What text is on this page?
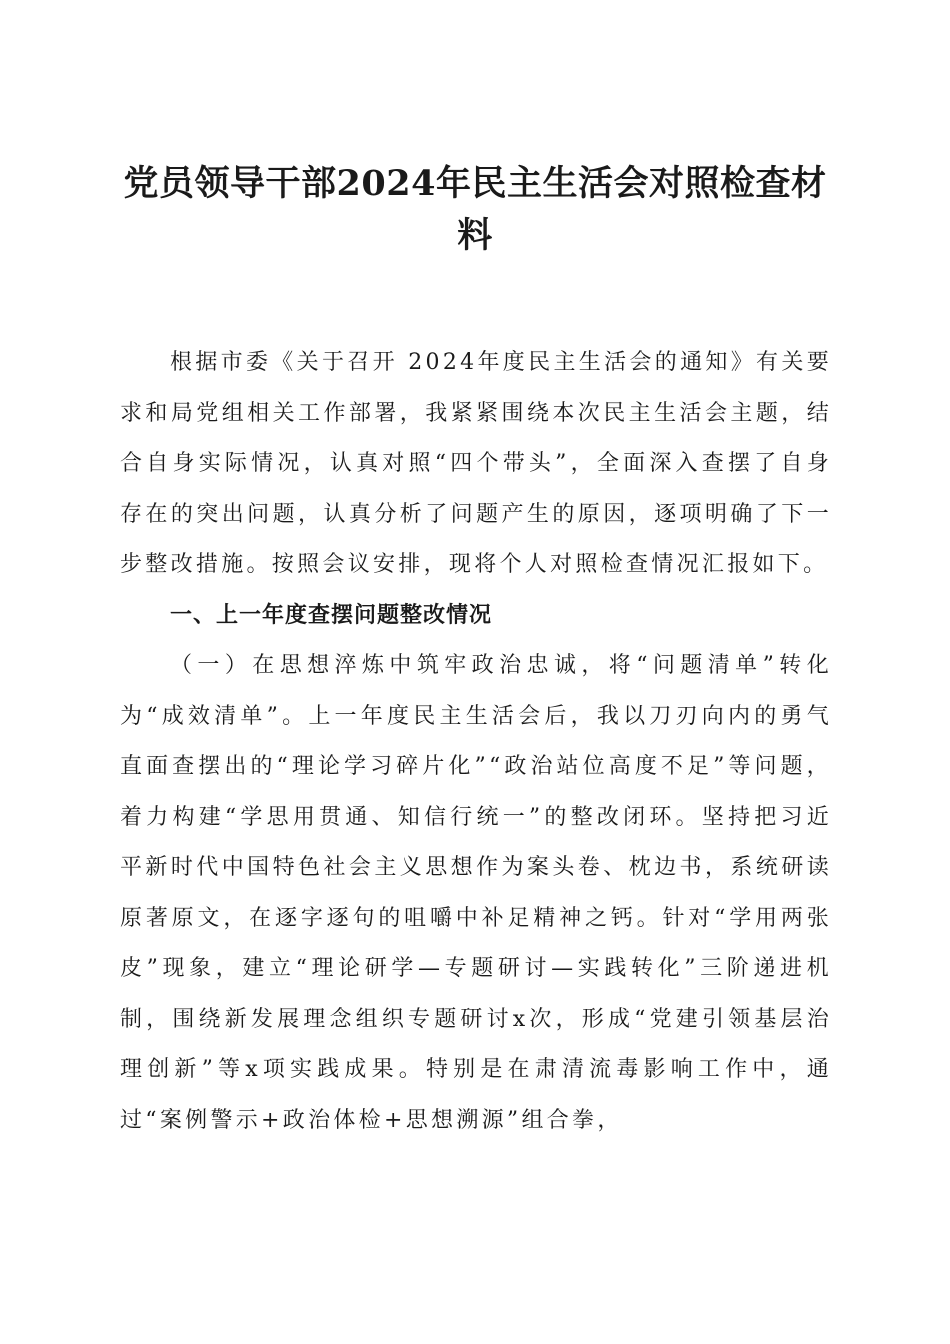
党员领导干部2024年民主生活会对照检查材料

根据市委《关于召开 2024年度民主生活会的通知》有关要求和局党组相关工作部署，我紧紧围绕本次民主生活会主题，结合自身实际情况，认真对照“四个带头”，全面深入查摆了自身存在的突出问题，认真分析了问题产生的原因，逐项明确了下一步整改措施。按照会议安排，现将个人对照检查情况汇报如下。

一、上一年度查摆问题整改情况

（一）在思想淬炼中筑牢政治忠诚，将“问题清单”转化为“成效清单”。上一年度民主生活会后，我以刀刃向内的勇气直面查摆出的“理论学习碎片化”“政治站位高度不足”等问题，着力构建“学思用贯通、知信行统一”的整改闭环。坚持把习近平新时代中国特色社会主义思想作为案头卷、枕边书，系统研读原著原文，在逐字逐句的咀嚼中补足精神之钙。针对“学用两张皮”现象，建立“理论研学—专题研讨—实践转化”三阶递进机制，围绕新发展理念组织专题研讨x次，形成“党建引领基层治理创新”等x项实践成果。特别是在肃清流毒影响工作中，通过“案例警示+政治体检+思想溯源”组合拳，
